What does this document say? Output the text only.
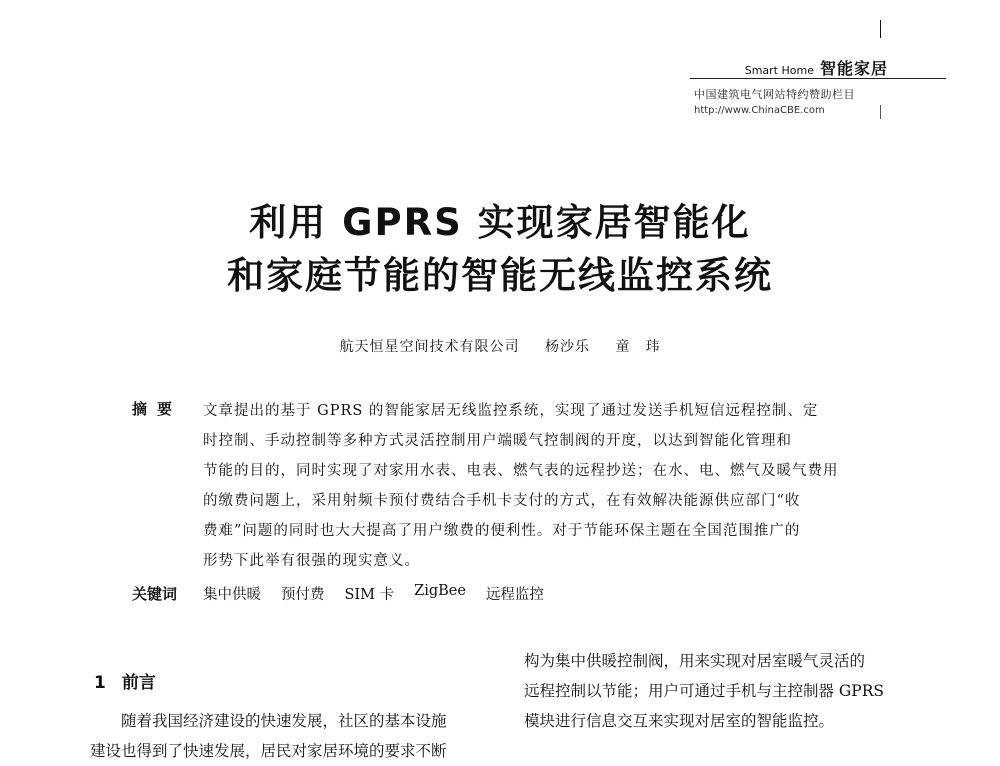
Smart Home 智能家居
中国建筑电气网站特约赞助栏目
http://www.ChinaCBE.com
利用 GPRS 实现家居智能化
和家庭节能的智能无线监控系统
航天恒星空间技术有限公司 杨沙乐 童　玮
摘要 文章提出的基于 GPRS 的智能家居无线监控系统，实现了通过发送手机短信远程控制、定

时控制、手动控制等多种方式灵活控制用户端暖气控制阀的开度，以达到智能化管理和

节能的目的，同时实现了对家用水表、电表、燃气表的远程抄送；在水、电、燃气及暖气费用

的缴费问题上，采用射频卡预付费结合手机卡支付的方式，在有效解决能源供应部门“收

费难”问题的同时也大大提高了用户缴费的便利性。对于节能环保主题在全国范围推广的

形势下此举有很强的现实意义。

关键词 集中供暖 预付费 SIM 卡 ZigBee 远程监控
1 前言

　　随着我国经济建设的快速发展，社区的基本设施

建设也得到了快速发展，居民对家居环境的要求不断

构为集中供暖控制阀，用来实现对居室暖气灵活的

远程控制以节能；用户可通过手机与主控制器 GPRS

模块进行信息交互来实现对居室的智能监控。
